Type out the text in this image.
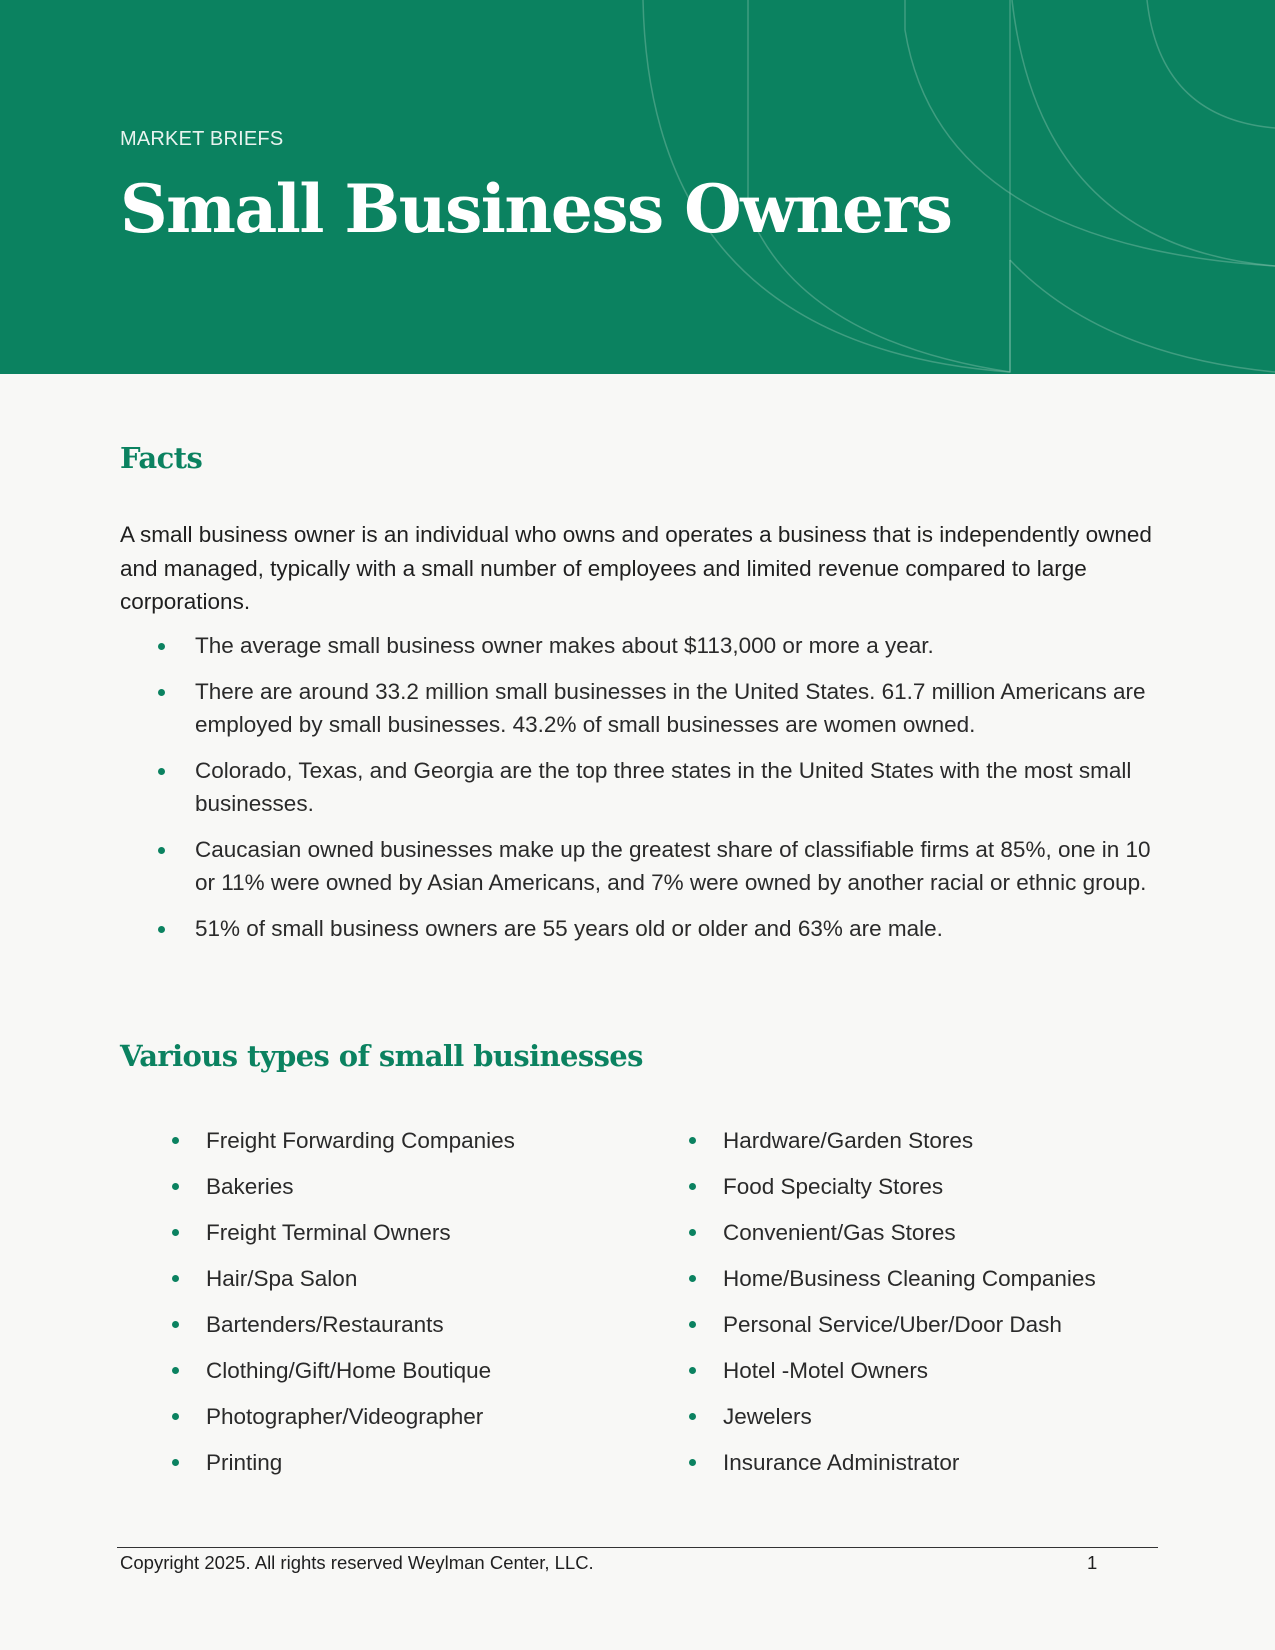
MARKET BRIEFS
Small Business Owners
Facts

A small business owner is an individual who owns and operates a business that is independently owned and managed, typically with a small number of employees and limited revenue compared to large corporations.

The average small business owner makes about $113,000 or more a year.
There are around 33.2 million small businesses in the United States. 61.7 million Americans are employed by small businesses. 43.2% of small businesses are women owned.
Colorado, Texas, and Georgia are the top three states in the United States with the most small businesses.
Caucasian owned businesses make up the greatest share of classifiable firms at 85%, one in 10 or 11% were owned by Asian Americans, and 7% were owned by another racial or ethnic group.
51% of small business owners are 55 years old or older and 63% are male.
Various types of small businesses
Freight Forwarding Companies
Bakeries
Freight Terminal Owners
Hair/Spa Salon
Bartenders/Restaurants
Clothing/Gift/Home Boutique
Photographer/Videographer
Printing
Hardware/Garden Stores
Food Specialty Stores
Convenient/Gas Stores
Home/Business Cleaning Companies
Personal Service/Uber/Door Dash
Hotel -Motel Owners
Jewelers
Insurance Administrator
Copyright 2025. All rights reserved Weylman Center, LLC.	1
